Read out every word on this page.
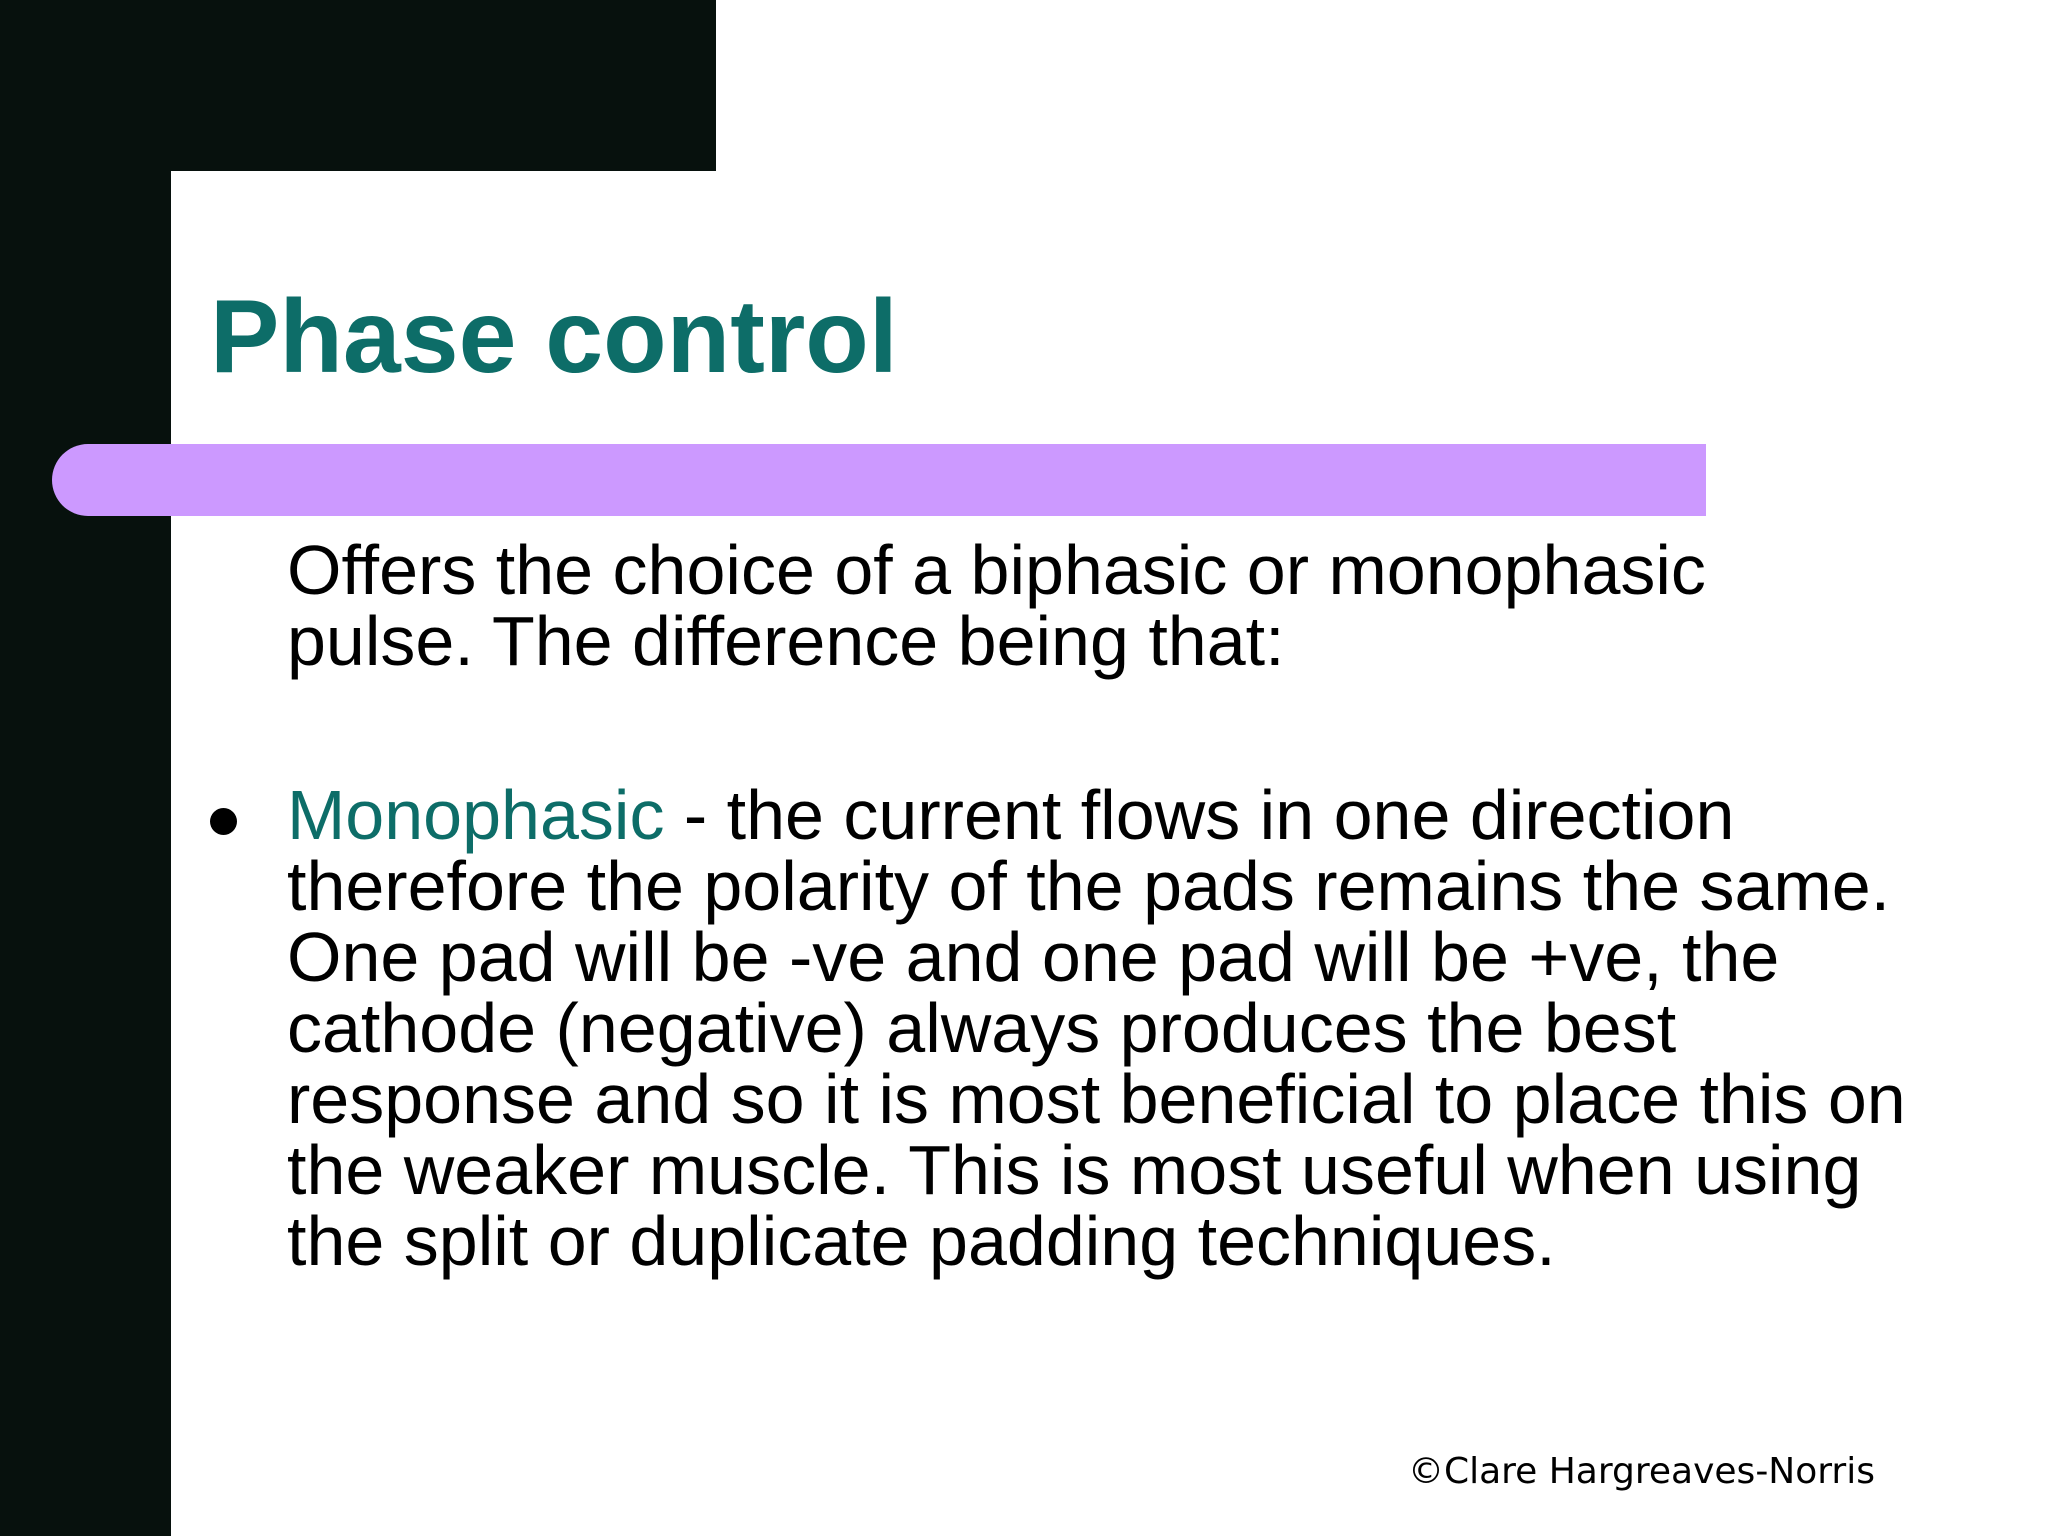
Phase control

Offers the choice of a biphasic or monophasic pulse. The difference being that:

Monophasic - the current flows in one direction therefore the polarity of the pads remains the same. One pad will be -ve and one pad will be +ve, the cathode (negative) always produces the best response and so it is most beneficial to place this on the weaker muscle. This is most useful when using the split or duplicate padding techniques.

©Clare Hargreaves-Norris
